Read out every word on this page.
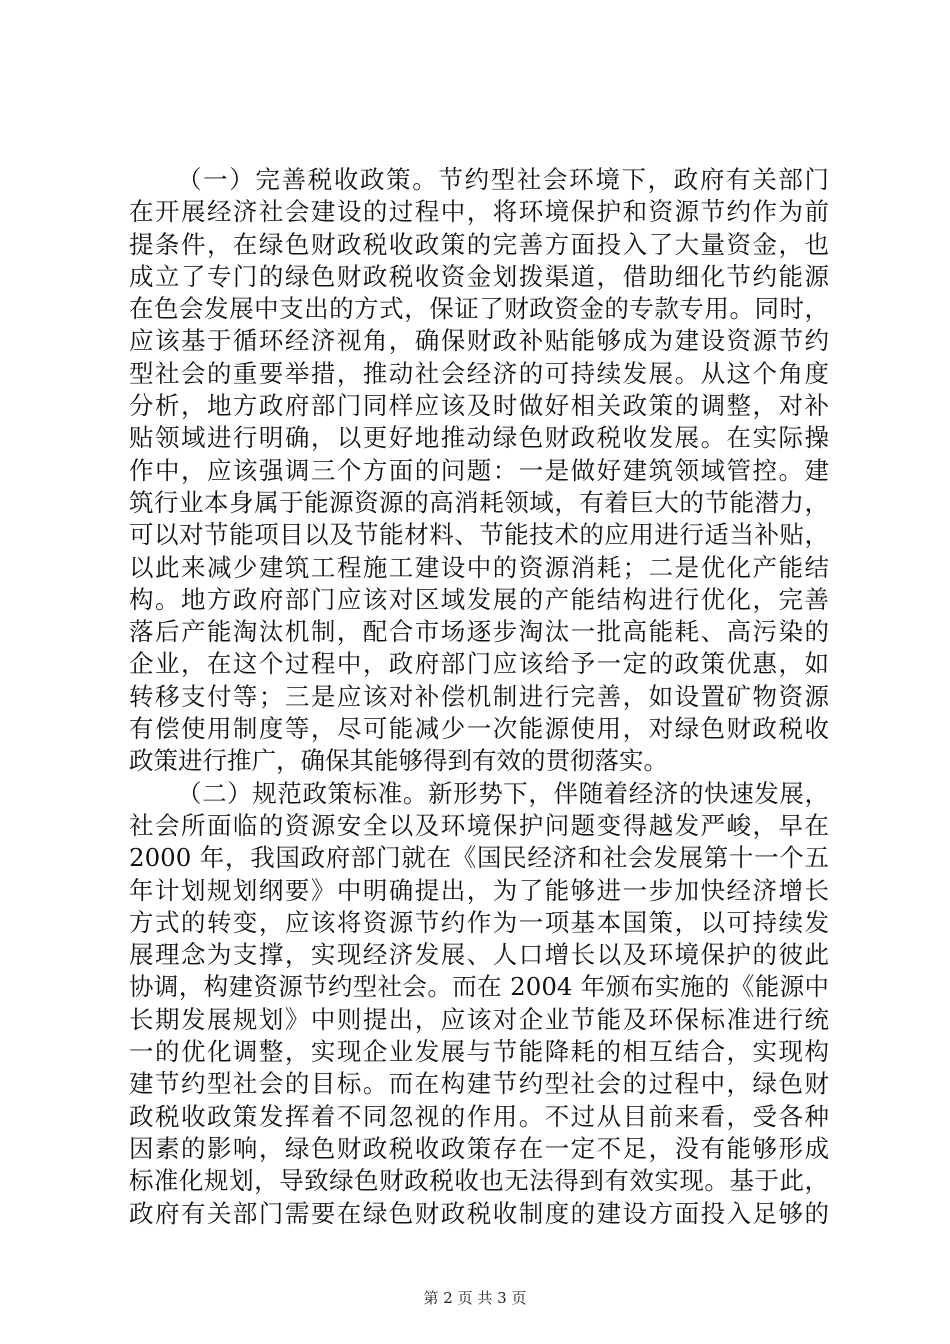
（一）完善税收政策。节约型社会环境下，政府有关部门
在开展经济社会建设的过程中，将环境保护和资源节约作为前
提条件，在绿色财政税收政策的完善方面投入了大量资金，也
成立了专门的绿色财政税收资金划拨渠道，借助细化节约能源
在色会发展中支出的方式，保证了财政资金的专款专用。同时，
应该基于循环经济视角，确保财政补贴能够成为建设资源节约
型社会的重要举措，推动社会经济的可持续发展。从这个角度
分析，地方政府部门同样应该及时做好相关政策的调整，对补
贴领域进行明确，以更好地推动绿色财政税收发展。在实际操
作中，应该强调三个方面的问题：一是做好建筑领域管控。建
筑行业本身属于能源资源的高消耗领域，有着巨大的节能潜力，
可以对节能项目以及节能材料、节能技术的应用进行适当补贴，
以此来减少建筑工程施工建设中的资源消耗；二是优化产能结
构。地方政府部门应该对区域发展的产能结构进行优化，完善
落后产能淘汰机制，配合市场逐步淘汰一批高能耗、高污染的
企业，在这个过程中，政府部门应该给予一定的政策优惠，如
转移支付等；三是应该对补偿机制进行完善，如设置矿物资源
有偿使用制度等，尽可能减少一次能源使用，对绿色财政税收
政策进行推广，确保其能够得到有效的贯彻落实。
（二）规范政策标准。新形势下，伴随着经济的快速发展，
社会所面临的资源安全以及环境保护问题变得越发严峻，早在
2000 年，我国政府部门就在《国民经济和社会发展第十一个五
年计划规划纲要》中明确提出，为了能够进一步加快经济增长
方式的转变，应该将资源节约作为一项基本国策，以可持续发
展理念为支撑，实现经济发展、人口增长以及环境保护的彼此
协调，构建资源节约型社会。而在 2004 年颁布实施的《能源中
长期发展规划》中则提出，应该对企业节能及环保标准进行统
一的优化调整，实现企业发展与节能降耗的相互结合，实现构
建节约型社会的目标。而在构建节约型社会的过程中，绿色财
政税收政策发挥着不同忽视的作用。不过从目前来看，受各种
因素的影响，绿色财政税收政策存在一定不足，没有能够形成
标准化规划，导致绿色财政税收也无法得到有效实现。基于此，
政府有关部门需要在绿色财政税收制度的建设方面投入足够的
第 2 页 共 3 页
